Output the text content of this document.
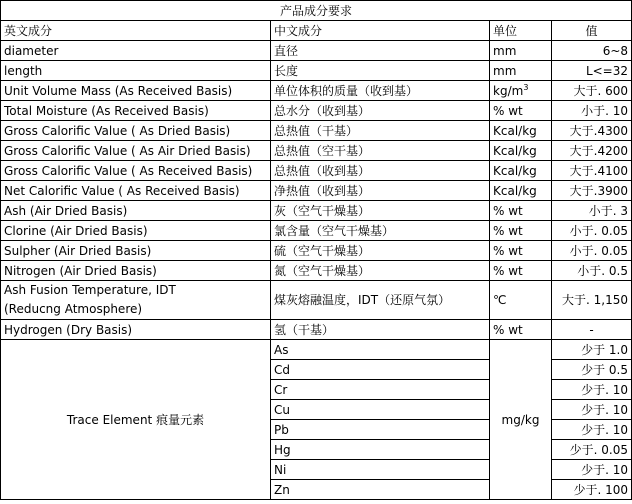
产品成分要求			
英文成分	中文成分	单位	值
diameter	直径	mm	6~8
length	长度	mm	L<=32
Unit Volume Mass (As Received Basis)	单位体积的质量（收到基）	$kg/m^3$	大于. 600
Total Moisture (As Received Basis)	总水分（收到基）	% wt	小于. 10
Gross Calorific Value ( As Dried Basis)	总热值（干基）	Kcal/kg	大于.4300
Gross Calorific Value ( As Air Dried Basis)	总热值（空干基）	Kcal/kg	大于.4200
Gross Calorific Value ( As Received Basis)	总热值（收到基）	Kcal/kg	大于.4100
Net Calorific Value ( As Received Basis)	净热值（收到基）	Kcal/kg	大于.3900
Ash (Air Dried Basis)	灰（空气干燥基）	% wt	小于. 3
Clorine (Air Dried Basis)	氯含量（空气干燥基）	% wt	小于. 0.05
Sulpher (Air Dried Basis)	硫（空气干燥基）	% wt	小于. 0.05
Nitrogen (Air Dried Basis)	氮（空气干燥基）	% wt	小于. 0.5

Ash Fusion Temperature, IDT
(Reducng Atmosphere)	煤灰熔融温度，IDT（还原气氛）	℃	大于. 1,150
Hydrogen (Dry Basis)	氢（干基）	% wt	-
Trace Element 痕量元素	As	mg/kg	少于 1.0
	Cd		少于 0.5
	Cr		少于. 10
	Cu		少于. 10
	Pb		少于. 10
	Hg		少于. 0.05
	Ni		少于. 10
	Zn		少于. 100
